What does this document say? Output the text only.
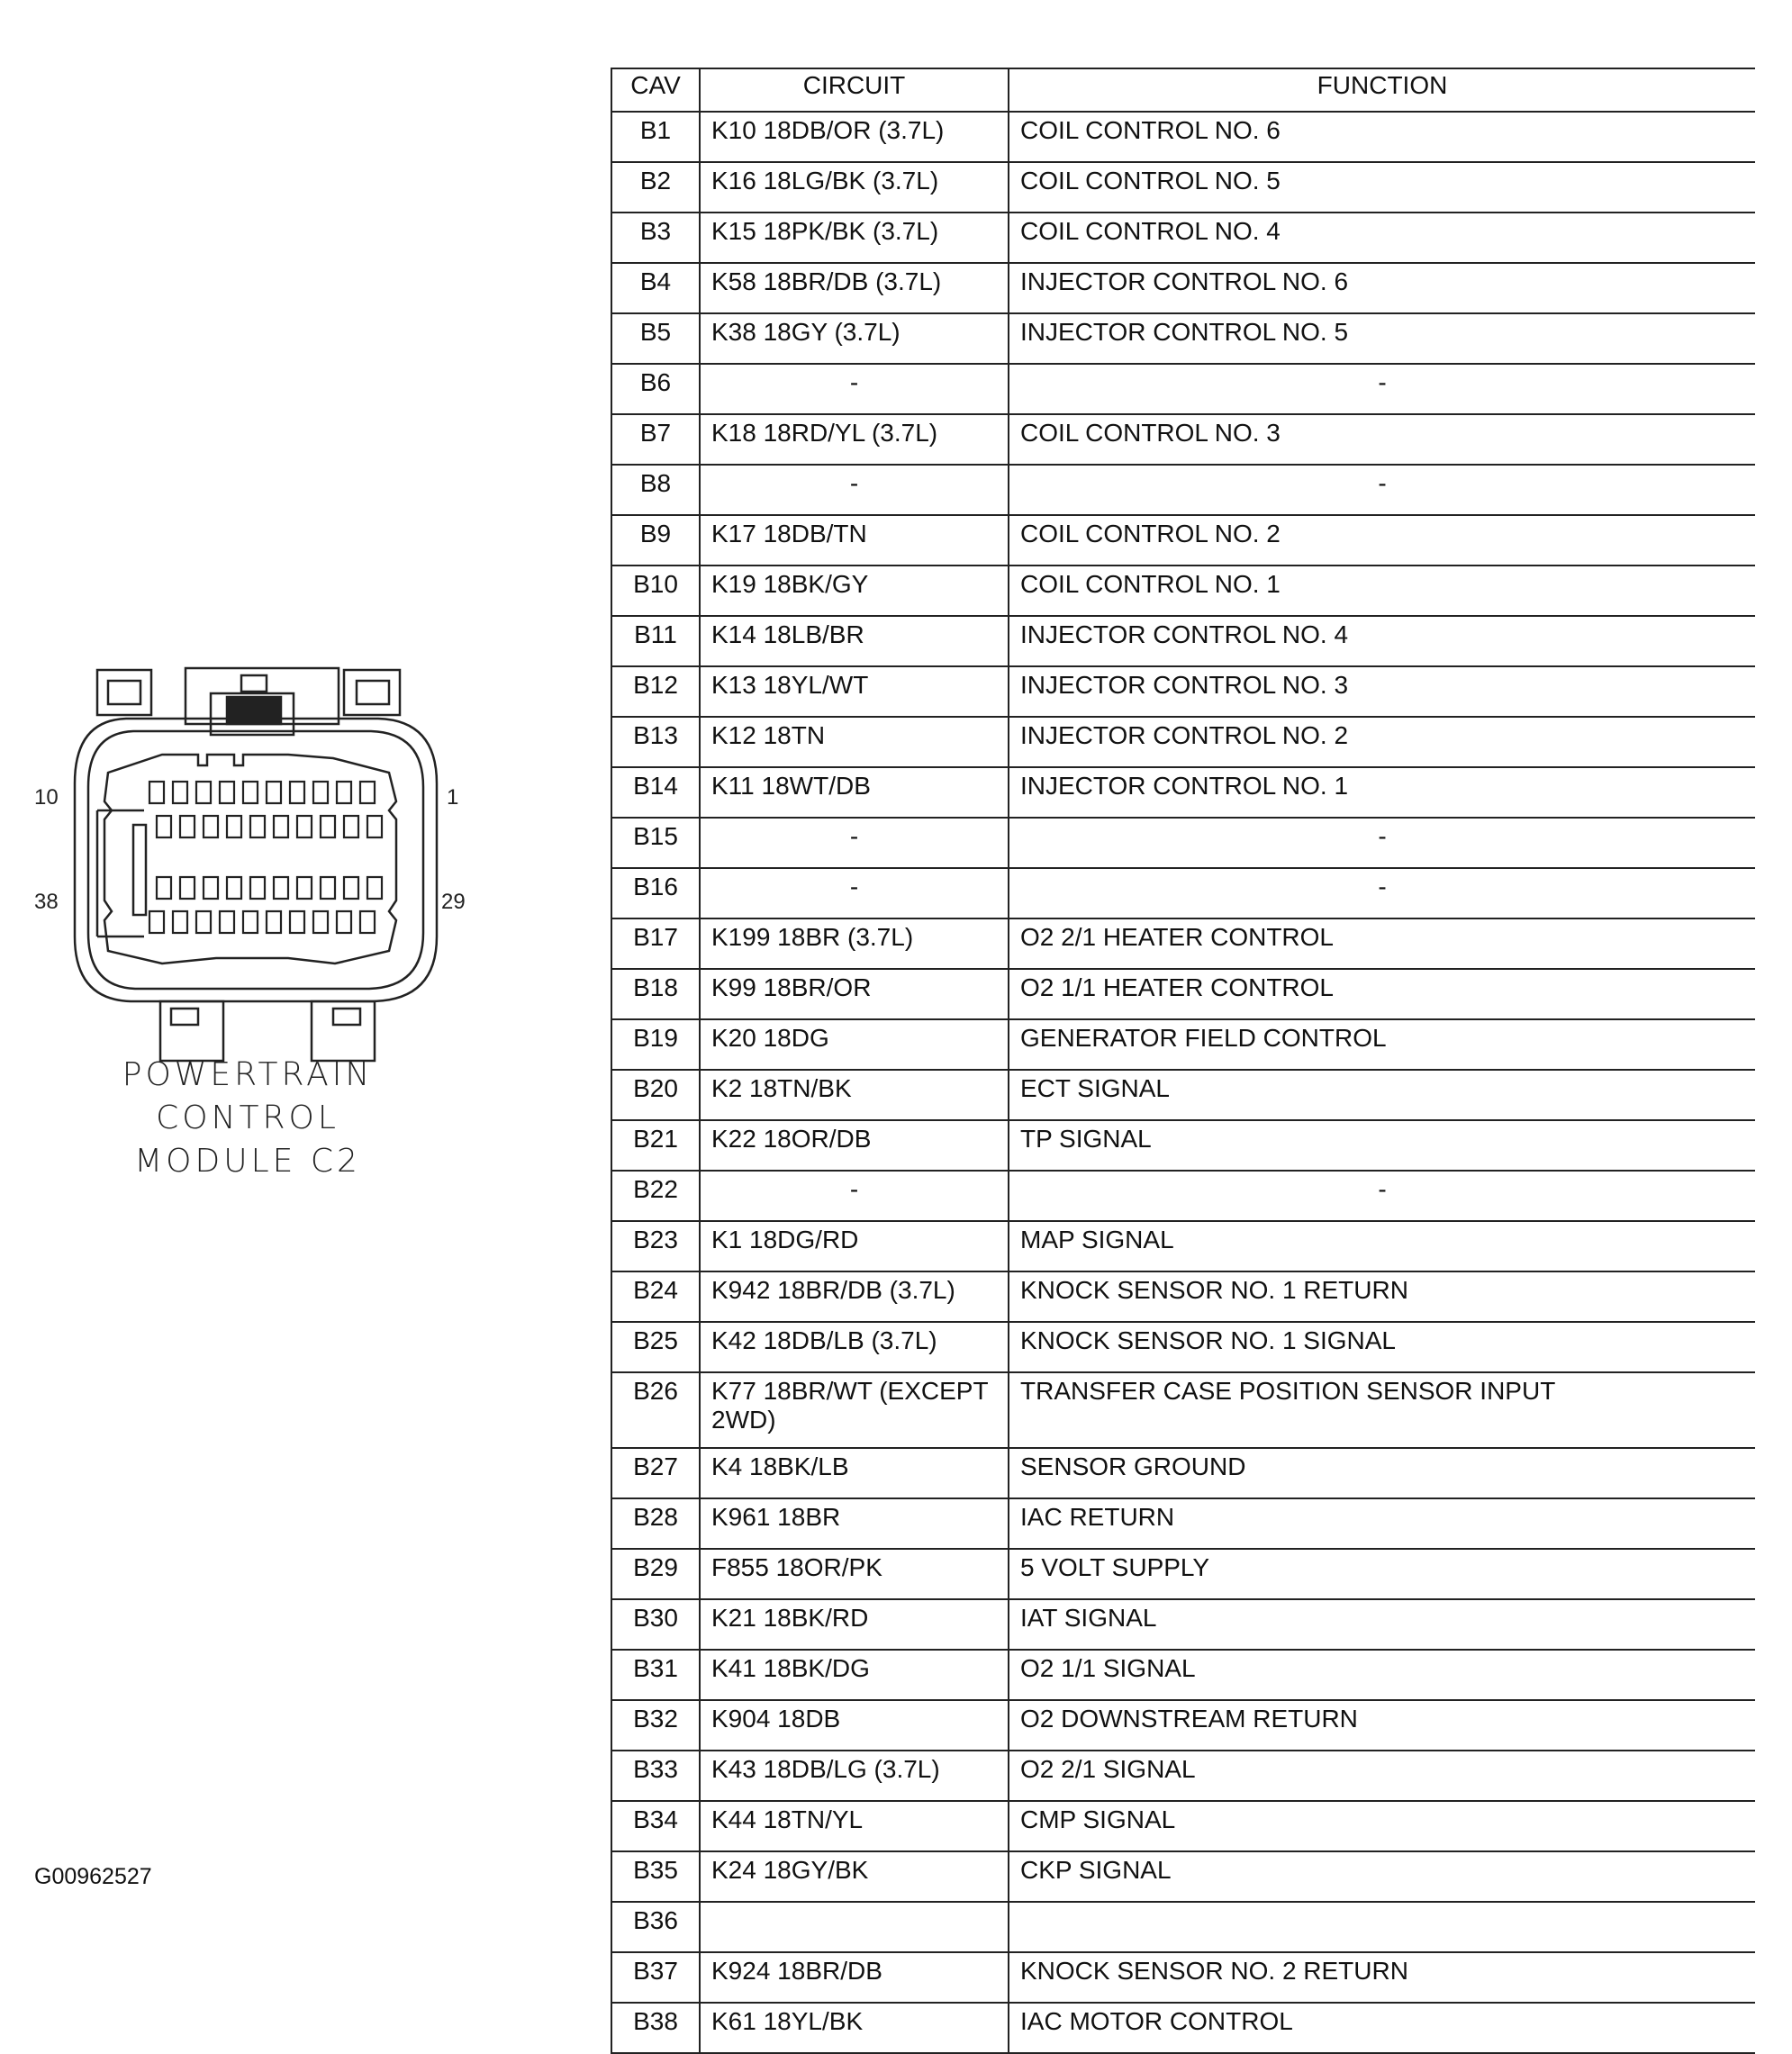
10	1
38	29
POWERTRAIN
CONTROL
MODULE C2
CAV	CIRCUIT	FUNCTION
B1	K10 18DB/OR (3.7L)	COIL CONTROL NO. 6
B2	K16 18LG/BK (3.7L)	COIL CONTROL NO. 5
B3	K15 18PK/BK (3.7L)	COIL CONTROL NO. 4
B4	K58 18BR/DB (3.7L)	INJECTOR CONTROL NO. 6
B5	K38 18GY (3.7L)	INJECTOR CONTROL NO. 5
B6	-	-
B7	K18 18RD/YL (3.7L)	COIL CONTROL NO. 3
B8	-	-
B9	K17 18DB/TN	COIL CONTROL NO. 2
B10	K19 18BK/GY	COIL CONTROL NO. 1
B11	K14 18LB/BR	INJECTOR CONTROL NO. 4
B12	K13 18YL/WT	INJECTOR CONTROL NO. 3
B13	K12 18TN	INJECTOR CONTROL NO. 2
B14	K11 18WT/DB	INJECTOR CONTROL NO. 1
B15	-	-
B16	-	-
B17	K199 18BR (3.7L)	O2 2/1 HEATER CONTROL
B18	K99 18BR/OR	O2 1/1 HEATER CONTROL
B19	K20 18DG	GENERATOR FIELD CONTROL
B20	K2 18TN/BK	ECT SIGNAL
B21	K22 18OR/DB	TP SIGNAL
B22	-	-
B23	K1 18DG/RD	MAP SIGNAL
B24	K942 18BR/DB (3.7L)	KNOCK SENSOR NO. 1 RETURN
B25	K42 18DB/LB (3.7L)	KNOCK SENSOR NO. 1 SIGNAL
B26	K77 18BR/WT (EXCEPT 2WD)	TRANSFER CASE POSITION SENSOR INPUT
B27	K4 18BK/LB	SENSOR GROUND
B28	K961 18BR	IAC RETURN
B29	F855 18OR/PK	5 VOLT SUPPLY
B30	K21 18BK/RD	IAT SIGNAL
B31	K41 18BK/DG	O2 1/1 SIGNAL
B32	K904 18DB	O2 DOWNSTREAM RETURN
B33	K43 18DB/LG (3.7L)	O2 2/1 SIGNAL
B34	K44 18TN/YL	CMP SIGNAL
B35	K24 18GY/BK	CKP SIGNAL
B36		
B37	K924 18BR/DB	KNOCK SENSOR NO. 2 RETURN
B38	K61 18YL/BK	IAC MOTOR CONTROL
G00962527
